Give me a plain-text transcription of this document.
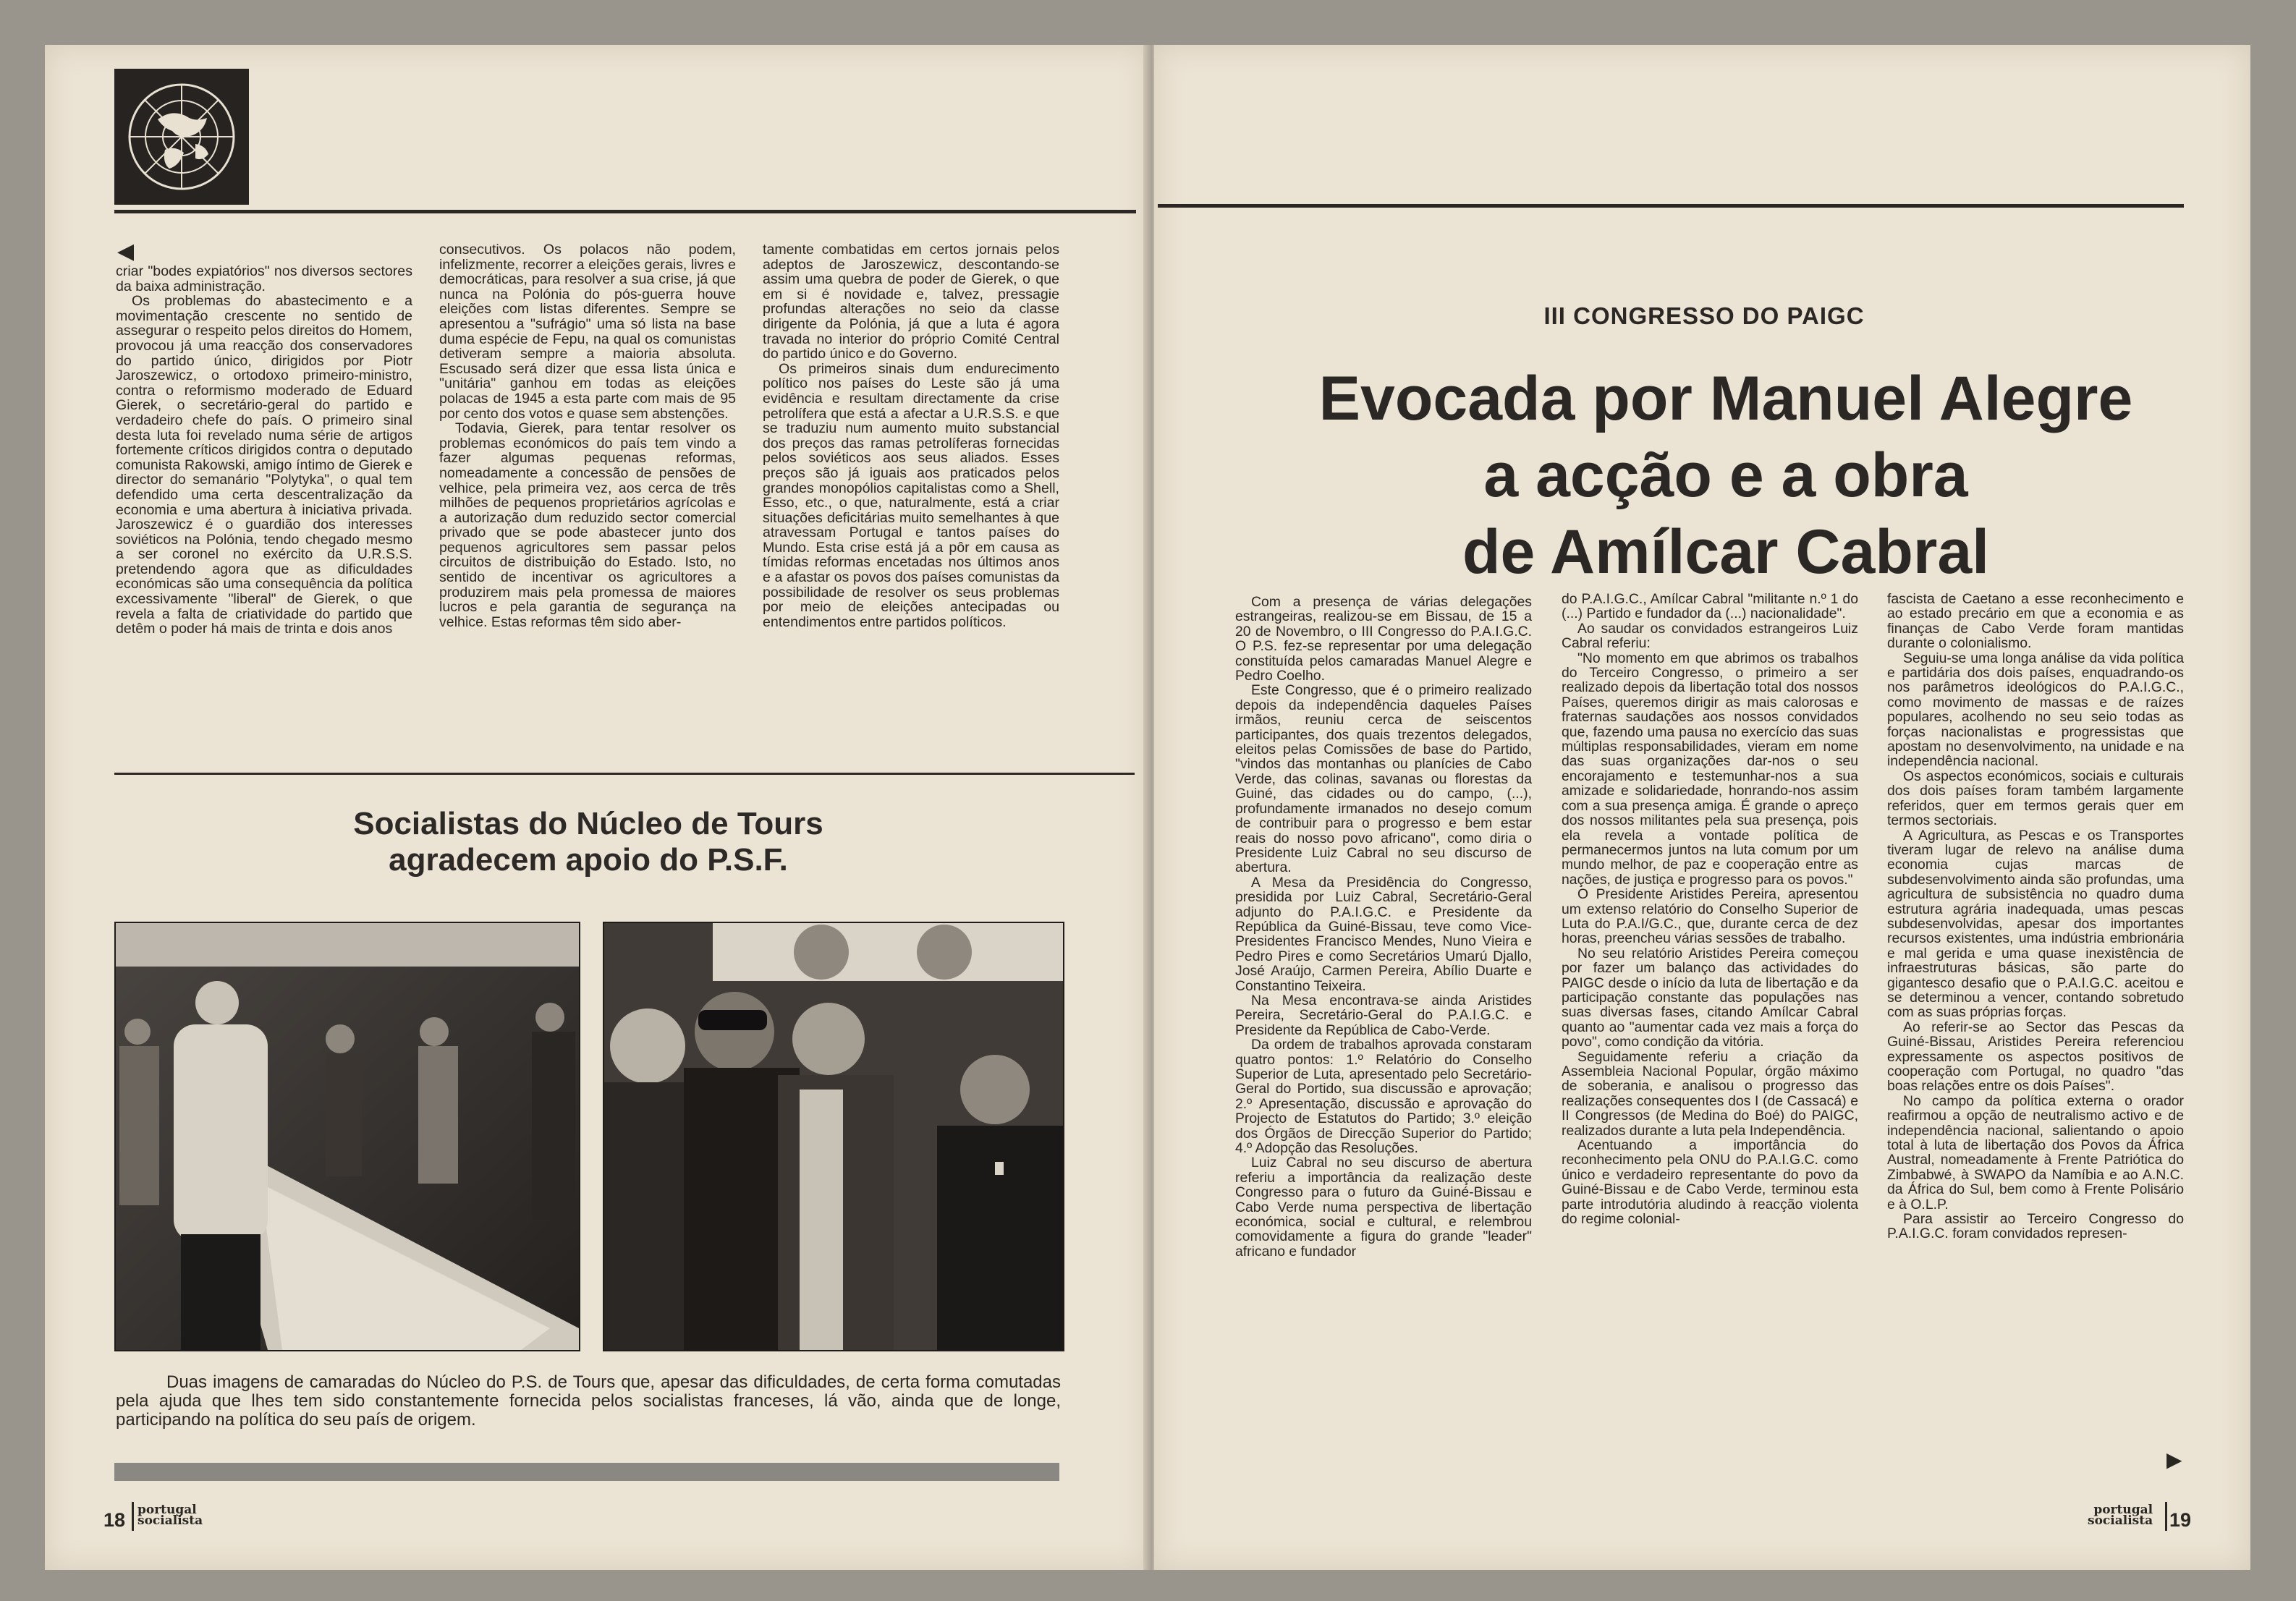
◀

criar "bodes expiatórios" nos diversos sectores da baixa administração.

Os problemas do abastecimento e a movimentação crescente no sentido de assegurar o respeito pelos direitos do Homem, provocou já uma reacção dos conservadores do partido único, dirigidos por Piotr Jaroszewicz, o ortodoxo primeiro-ministro, contra o reformismo moderado de Eduard Gierek, o secretário-geral do partido e verdadeiro chefe do país. O primeiro sinal desta luta foi revelado numa série de artigos fortemente críticos dirigidos contra o deputado comunista Rakowski, amigo íntimo de Gierek e director do semanário "Polytyka", o qual tem defendido uma certa descentralização da economia e uma abertura à iniciativa privada. Jaroszewicz é o guardião dos interesses soviéticos na Polónia, tendo chegado mesmo a ser coronel no exército da U.R.S.S. pretendendo agora que as dificuldades económicas são uma consequência da política excessivamente "liberal" de Gierek, o que revela a falta de criatividade do partido que detêm o poder há mais de trinta e dois anos

consecutivos. Os polacos não podem, infelizmente, recorrer a eleições gerais, livres e democráticas, para resolver a sua crise, já que nunca na Polónia do pós-guerra houve eleições com listas diferentes. Sempre se apresentou a "sufrágio" uma só lista na base duma espécie de Fepu, na qual os comunistas detiveram sempre a maioria absoluta. Escusado será dizer que essa lista única e "unitária" ganhou em todas as eleições polacas de 1945 a esta parte com mais de 95 por cento dos votos e quase sem abstenções.

Todavia, Gierek, para tentar resolver os problemas económicos do país tem vindo a fazer algumas pequenas reformas, nomeadamente a concessão de pensões de velhice, pela primeira vez, aos cerca de três milhões de pequenos proprietários agrícolas e a autorização dum reduzido sector comercial privado que se pode abastecer junto dos pequenos agricultores sem passar pelos circuitos de distribuição do Estado. Isto, no sentido de incentivar os agricultores a produzirem mais pela promessa de maiores lucros e pela garantia de segurança na velhice. Estas reformas têm sido aber-

tamente combatidas em certos jornais pelos adeptos de Jaroszewicz, descontando-se assim uma quebra de poder de Gierek, o que em si é novidade e, talvez, pressagie profundas alterações no seio da classe dirigente da Polónia, já que a luta é agora travada no interior do próprio Comité Central do partido único e do Governo.

Os primeiros sinais dum endurecimento político nos países do Leste são já uma evidência e resultam directamente da crise petrolífera que está a afectar a U.R.S.S. e que se traduziu num aumento muito substancial dos preços das ramas petrolíferas fornecidas pelos soviéticos aos seus aliados. Esses preços são já iguais aos praticados pelos grandes monopólios capitalistas como a Shell, Esso, etc., o que, naturalmente, está a criar situações deficitárias muito semelhantes à que atravessam Portugal e tantos países do Mundo. Esta crise está já a pôr em causa as tímidas reformas encetadas nos últimos anos e a afastar os povos dos países comunistas da possibilidade de resolver os seus problemas por meio de eleições antecipadas ou entendimentos entre partidos políticos.

Socialistas do Núcleo de Tours
agradecem apoio do P.S.F.
Duas imagens de camaradas do Núcleo do P.S. de Tours que, apesar das dificuldades, de certa forma comutadas pela ajuda que lhes tem sido constantemente fornecida pelos socialistas franceses, lá vão, ainda que de longe, participando na política do seu país de origem.
18 portugal
socialista
III CONGRESSO DO PAIGC
Evocada por Manuel Alegre
a acção e a obra
de Amílcar Cabral

Com a presença de várias delegações estrangeiras, realizou-se em Bissau, de 15 a 20 de Novembro, o III Congresso do P.A.I.G.C. O P.S. fez-se representar por uma delegação constituída pelos camaradas Manuel Alegre e Pedro Coelho.

Este Congresso, que é o primeiro realizado depois da independência daqueles Países irmãos, reuniu cerca de seiscentos participantes, dos quais trezentos delegados, eleitos pelas Comissões de base do Partido, "vindos das montanhas ou planícies de Cabo Verde, das colinas, savanas ou florestas da Guiné, das cidades ou do campo, (...), profundamente irmanados no desejo comum de contribuir para o progresso e bem estar reais do nosso povo africano", como diria o Presidente Luiz Cabral no seu discurso de abertura.

A Mesa da Presidência do Congresso, presidida por Luiz Cabral, Secretário-Geral adjunto do P.A.I.G.C. e Presidente da República da Guiné-Bissau, teve como Vice-Presidentes Francisco Mendes, Nuno Vieira e Pedro Pires e como Secretários Umarú Djallo, José Araújo, Carmen Pereira, Abílio Duarte e Constantino Teixeira.

Na Mesa encontrava-se ainda Aristides Pereira, Secretário-Geral do P.A.I.G.C. e Presidente da República de Cabo-Verde.

Da ordem de trabalhos aprovada constaram quatro pontos: 1.º Relatório do Conselho Superior de Luta, apresentado pelo Secretário-Geral do Portido, sua discussão e aprovação; 2.º Apresentação, discussão e aprovação do Projecto de Estatutos do Partido; 3.º eleição dos Órgãos de Direcção Superior do Partido; 4.º Adopção das Resoluções.

Luiz Cabral no seu discurso de abertura referiu a importância da realização deste Congresso para o futuro da Guiné-Bissau e Cabo Verde numa perspectiva de libertação económica, social e cultural, e relembrou comovidamente a figura do grande "leader" africano e fundador

do P.A.I.G.C., Amílcar Cabral "militante n.º 1 do (...) Partido e fundador da (...) nacionalidade".

Ao saudar os convidados estrangeiros Luiz Cabral referiu:

"No momento em que abrimos os trabalhos do Terceiro Congresso, o primeiro a ser realizado depois da libertação total dos nossos Países, queremos dirigir as mais calorosas e fraternas saudações aos nossos convidados que, fazendo uma pausa no exercício das suas múltiplas responsabilidades, vieram em nome das suas organizações dar-nos o seu encorajamento e testemunhar-nos a sua amizade e solidariedade, honrando-nos assim com a sua presença amiga. É grande o apreço dos nossos militantes pela sua presença, pois ela revela a vontade política de permanecermos juntos na luta comum por um mundo melhor, de paz e cooperação entre as nações, de justiça e progresso para os povos."

O Presidente Aristides Pereira, apresentou um extenso relatório do Conselho Superior de Luta do P.A.I/G.C., que, durante cerca de dez horas, preencheu várias sessões de trabalho.

No seu relatório Aristides Pereira começou por fazer um balanço das actividades do PAIGC desde o início da luta de libertação e da participação constante das populações nas suas diversas fases, citando Amílcar Cabral quanto ao "aumentar cada vez mais a força do povo", como condição da vitória.

Seguidamente referiu a criação da Assembleia Nacional Popular, órgão máximo de soberania, e analisou o progresso das realizações consequentes dos I (de Cassacá) e II Congressos (de Medina do Boé) do PAIGC, realizados durante a luta pela Independência.

Acentuando a importância do reconhecimento pela ONU do P.A.I.G.C. como único e verdadeiro representante do povo da Guiné-Bissau e de Cabo Verde, terminou esta parte introdutória aludindo à reacção violenta do regime colonial-

fascista de Caetano a esse reconhecimento e ao estado precário em que a economia e as finanças de Cabo Verde foram mantidas durante o colonialismo.

Seguiu-se uma longa análise da vida política e partidária dos dois países, enquadrando-os nos parâmetros ideológicos do P.A.I.G.C., como movimento de massas e de raízes populares, acolhendo no seu seio todas as forças nacionalistas e progressistas que apostam no desenvolvimento, na unidade e na independência nacional.

Os aspectos económicos, sociais e culturais dos dois países foram também largamente referidos, quer em termos gerais quer em termos sectoriais.

A Agricultura, as Pescas e os Transportes tiveram lugar de relevo na análise duma economia cujas marcas de subdesenvolvimento ainda são profundas, uma agricultura de subsistência no quadro duma estrutura agrária inadequada, umas pescas subdesenvolvidas, apesar dos importantes recursos existentes, uma indústria embrionária e mal gerida e uma quase inexistência de infraestruturas básicas, são parte do gigantesco desafio que o P.A.I.G.C. aceitou e se determinou a vencer, contando sobretudo com as suas próprias forças.

Ao referir-se ao Sector das Pescas da Guiné-Bissau, Aristides Pereira referenciou expressamente os aspectos positivos de cooperação com Portugal, no quadro "das boas relações entre os dois Países".

No campo da política externa o orador reafirmou a opção de neutralismo activo e de independência nacional, salientando o apoio total à luta de libertação dos Povos da África Austral, nomeadamente à Frente Patriótica do Zimbabwé, à SWAPO da Namíbia e ao A.N.C. da África do Sul, bem como à Frente Polisário e à O.L.P.

Para assistir ao Terceiro Congresso do P.A.I.G.C. foram convidados represen-

▶
portugal
socialista 19
